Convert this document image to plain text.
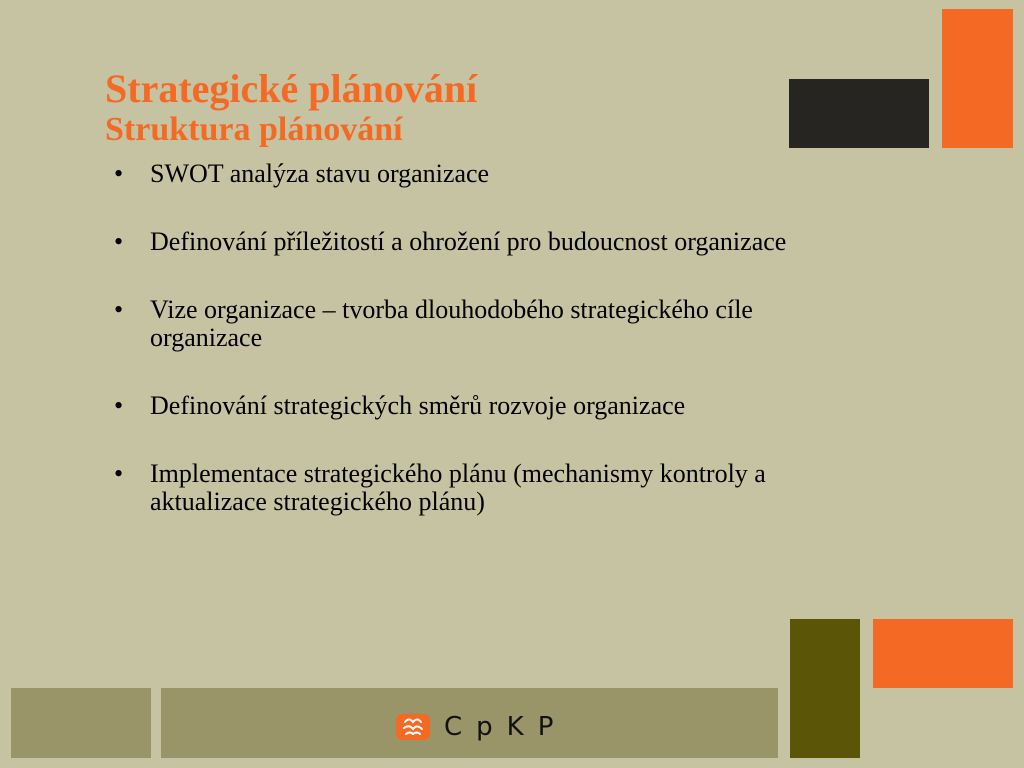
Strategické plánování
Struktura plánování
• SWOT analýza stavu organizace
• Definování příležitostí a ohrožení pro budoucnost organizace
• Vize organizace – tvorba dlouhodobého strategického cíle organizace
• Definování strategických směrů rozvoje organizace
• Implementace strategického plánu (mechanismy kontroly a aktualizace strategického plánu)
CpKP
